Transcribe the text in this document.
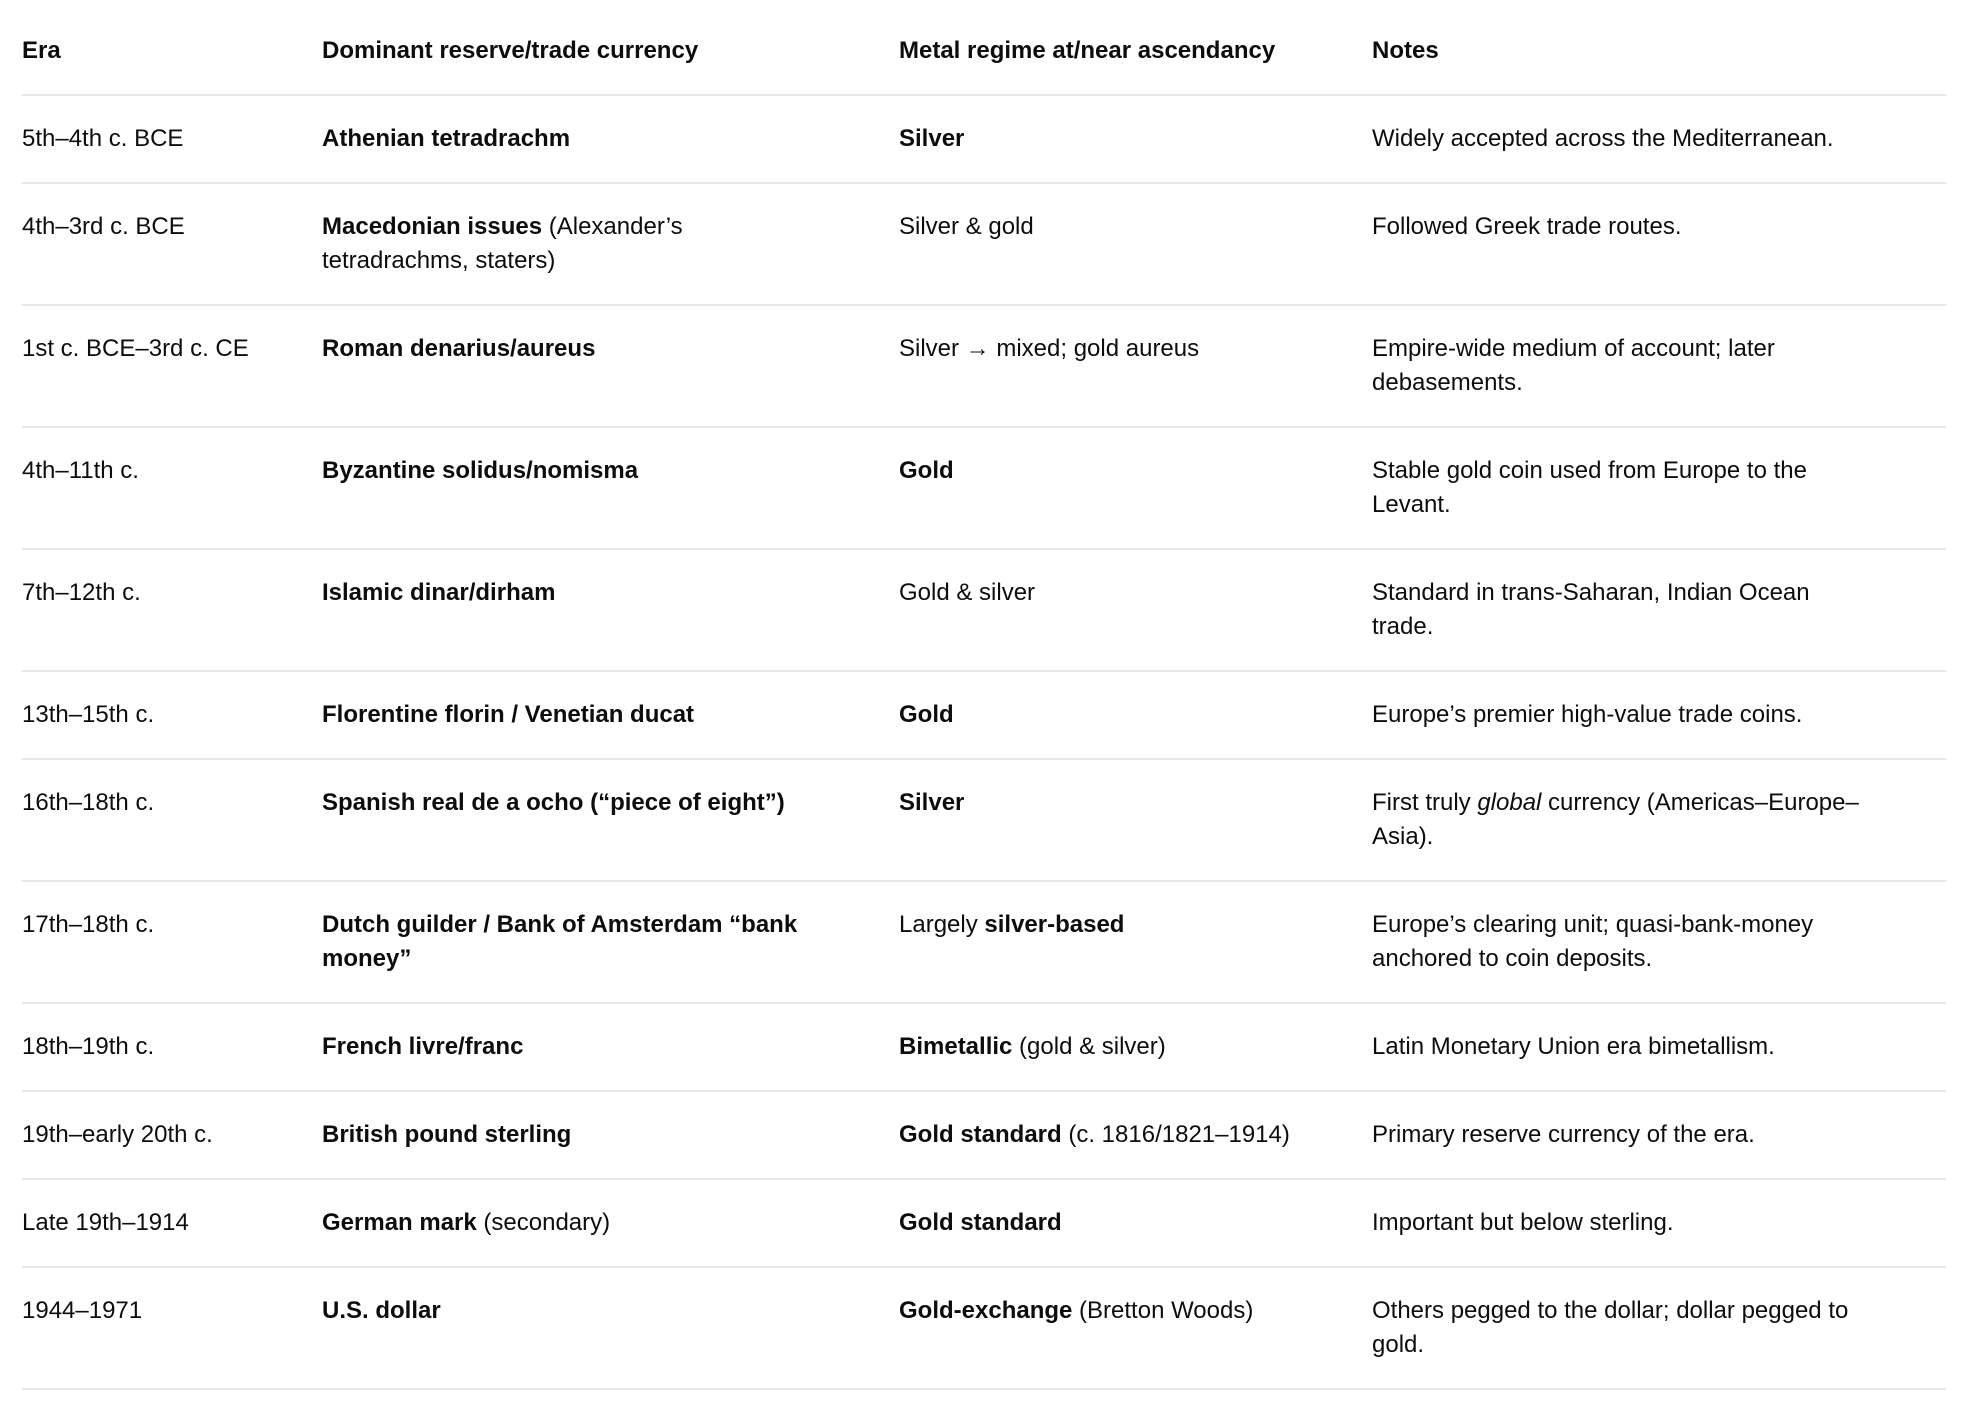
Era	Dominant reserve/trade currency	Metal regime at/near ascendancy	Notes
5th–4th c. BCE	Athenian tetradrachm	Silver	Widely accepted across the Mediterranean.
4th–3rd c. BCE	Macedonian issues (Alexander’s tetradrachms, staters)	Silver & gold	Followed Greek trade routes.
1st c. BCE–3rd c. CE	Roman denarius/aureus	Silver → mixed; gold aureus	Empire-wide medium of account; later debasements.
4th–11th c.	Byzantine solidus/nomisma	Gold	Stable gold coin used from Europe to the Levant.
7th–12th c.	Islamic dinar/dirham	Gold & silver	Standard in trans-Saharan, Indian Ocean trade.
13th–15th c.	Florentine florin / Venetian ducat	Gold	Europe’s premier high-value trade coins.
16th–18th c.	Spanish real de a ocho (“piece of eight”)	Silver	First truly global currency (Americas–Europe–Asia).
17th–18th c.	Dutch guilder / Bank of Amsterdam “bank money”	Largely silver-based	Europe’s clearing unit; quasi-bank-money anchored to coin deposits.
18th–19th c.	French livre/franc	Bimetallic (gold & silver)	Latin Monetary Union era bimetallism.
19th–early 20th c.	British pound sterling	Gold standard (c. 1816/1821–1914)	Primary reserve currency of the era.
Late 19th–1914	German mark (secondary)	Gold standard	Important but below sterling.
1944–1971	U.S. dollar	Gold-exchange (Bretton Woods)	Others pegged to the dollar; dollar pegged to gold.
